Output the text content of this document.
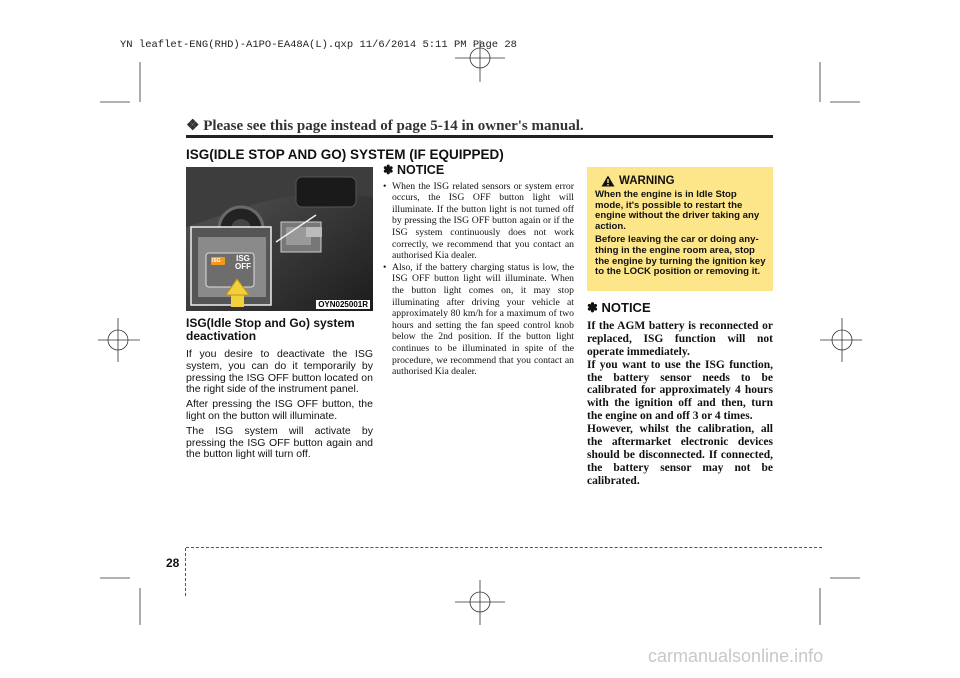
YN leaflet-ENG(RHD)-A1PO-EA48A(L).qxp 11/6/2014 5:11 PM Page 28
❖ Please see this page instead of page 5-14 in owner's manual.
ISG(IDLE STOP AND GO) SYSTEM (IF EQUIPPED)
ISG
OFF
ISG
OYN025001R
ISG(Idle Stop and Go) system deactivation

If you desire to deactivate the ISG system, you can do it temporarily by pressing the ISG OFF button located on the right side of the instrument panel.

After pressing the ISG OFF button, the light on the button will illuminate.

The ISG system will activate by pressing the ISG OFF button again and the button light will turn off.

✽ NOTICE
• When the ISG related sensors or system error occurs, the ISG OFF button light will illuminate. If the button light is not turned off by pressing the ISG OFF button again or if the ISG system continuously does not work correctly, we recommend that you contact an authorised Kia dealer.
• Also, if the battery charging status is low, the ISG OFF button light will illuminate. When the button light comes on, it may stop illuminating after driving your vehicle at approximately 80 km/h for a maximum of two hours and setting the fan speed control knob below the 2nd position. If the button light continues to be illuminated in spite of the procedure, we recommend that you contact an authorised Kia dealer.
WARNING

When the engine is in Idle Stop mode, it's possible to restart the engine without the driver taking any action.

Before leaving the car or doing any-thing in the engine room area, stop the engine by turning the ignition key to the LOCK position or removing it.

✽ NOTICE

If the AGM battery is reconnected or replaced, ISG function will not operate immediately.

If you want to use the ISG function, the battery sensor needs to be calibrated for approximately 4 hours with the ignition off and then, turn the engine on and off 3 or 4 times.

However, whilst the calibration, all the aftermarket electronic devices should be disconnected. If connected, the battery sensor may not be calibrated.

28
carmanualsonline.info
